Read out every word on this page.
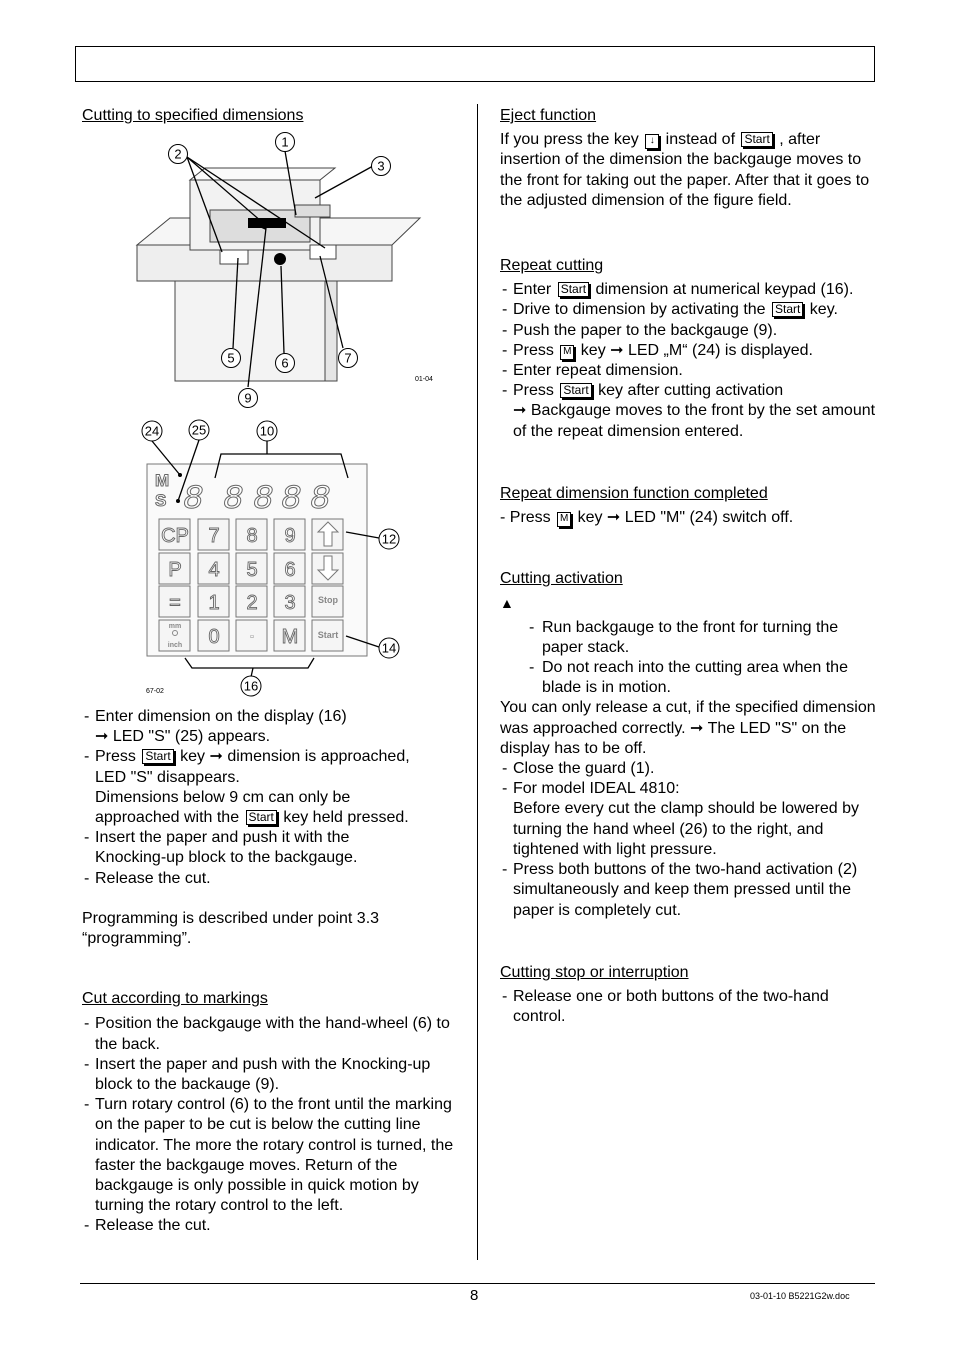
Cutting to specified dimensions
1
2
3
5	6	7
9
01-04
M
S 8 8 8 8 8
CP 7 8 9
P 4 5 6
= 1 2 3
0	M
Stop
Start
mm
inch
▫
24	25	10
12
14
16
67-02
- Enter dimension on the display (16)
➞ LED "S" (25) appears.
- Press Start key ➞ dimension is approached,
LED "S" disappears.
Dimensions below 9 cm can only be
approached with the Start key held pressed.
- Insert the paper and push it with the
Knocking-up block to the backgauge.
- Release the cut.

Programming is described under point 3.3
“programming”.

Cut according to markings
- Position the backgauge with the hand-wheel (6) to the back.
- Insert the paper and push with the Knocking-up block to the backauge (9).
- Turn rotary control (6) to the front until the marking on the paper to be cut is below the cutting line indicator. The more the rotary control is turned, the faster the backgauge moves. Return of the backgauge is only possible in quick motion by turning the rotary control to the left.
- Release the cut.
Eject function

If you press the key ↓ instead of Start , after insertion of the dimension the backgauge moves to the front for taking out the paper. After that it goes to the adjusted dimension of the figure field.

Repeat cutting
- Enter Start dimension at numerical keypad (16).
- Drive to dimension by activating the Start key.
- Push the paper to the backgauge (9).
- Press M key ➞ LED „M“ (24) is displayed.
- Enter repeat dimension.
- Press Start key after cutting activation
➞ Backgauge moves to the front by the set amount of the repeat dimension entered.
Repeat dimension function completed

- Press M key ➞ LED "M" (24) switch off.

Cutting activation
▲
- Run backgauge to the front for turning the paper stack.
- Do not reach into the cutting area when the blade is in motion.

You can only release a cut, if the specified dimension was approached correctly. ➞ The LED "S" on the display has to be off.

- Close the guard (1).
- For model IDEAL 4810:
Before every cut the clamp should be lowered by turning the hand wheel (26) to the right, and tightened with light pressure.
- Press both buttons of the two-hand activation (2) simultaneously and keep them pressed until the paper is completely cut.
Cutting stop or interruption
- Release one or both buttons of the two-hand control.
8	03-01-10 B5221G2w.doc
